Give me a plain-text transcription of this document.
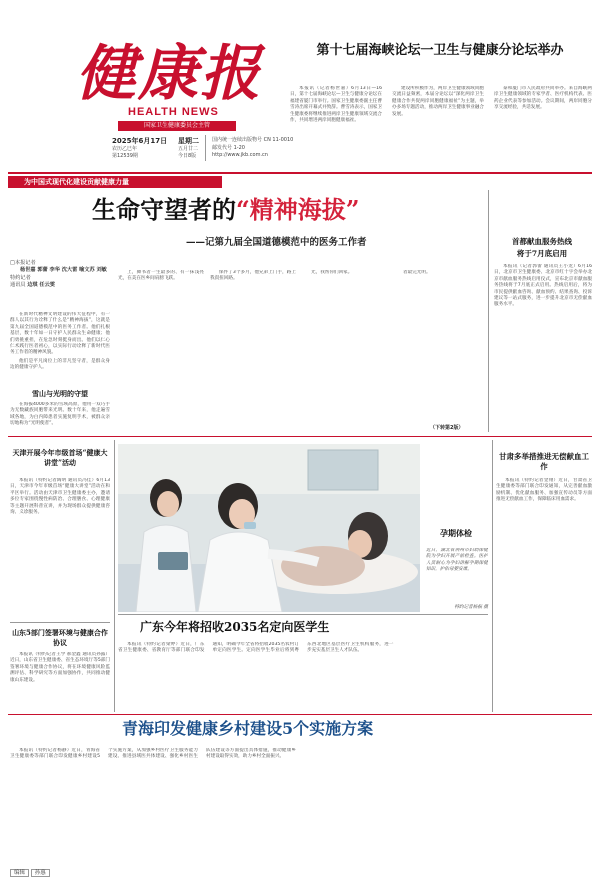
健康报
HEALTH NEWS
国家卫生健康委员会主管
2025年6月17日 星期二
农历乙巳年	五月廿二
第12539期	今日8版
国内统一连续出版物号 CN 11-0010
邮发代号 1-20
http://www.jkb.com.cn
第十七届海峡论坛一卫生与健康分论坛举办

本报讯（记者杨世嘉）6月13日—16日，第十七届海峡论坛—卫生与健康分论坛在福建省厦门市举行。国家卫生健康委副主任曹雪涛出席开幕式并致辞。曹雪涛表示，国家卫生健康委将继续推进两岸卫生健康领域交流合作，共同增进两岸同胞健康福祉。

建设所积极作为，两岸卫生健康领域同胞交流日益频密，本届分论坛以“深化两岸卫生健康合作共促两岸同胞健康福祉”为主题，举办多场专题活动，推动两岸卫生健康事业融合发展。

泰和厦门市人民政府共同举办。来自海峡两岸卫生健康领域的专家学者、医疗机构代表、医药企业代表等参加活动。会议期间，两岸同胞分享交流经验，共话发展。

为中国式现代化建设贡献健康力量
生命守望者的“精神海拔”
——记第九届全国道德模范中的医务工作者
□本报记者
杨世嘉 郭蕾 李华 沈大雷 喻文苏 刘敏
特约记者
通讯员 边琪 任云雯

在新时代精神文明建设的伟大征程中，有一群人以其行为诠释了什么是“精神海拔”，这就是第九届全国道德模范中的医务工作者。他们扎根基层，数十年如一日守护人民群众生命健康；他们勇挑重担，在危急时刻挺身而出。他们以仁心仁术践行医者初心，以实际行动诠释了新时代医务工作者的精神风貌。

他们是平凡岗位上的非凡坚守者，是群众身边的健康守护人。

雪山与光明的守望

在海拔4000多米的雪域高原，他用一双巧手为无数藏族同胞带来光明。数十年来，他走遍雪域各地，为白内障患者实施复明手术，被群众亲切地称为“光明使者”。

上，舞书者一生最多的、有一抹浅亮光，在美在医乡间肩膀飞跃。

保件了3个多月，他兄弟上门手，路上我叔扭回路。

光，我帮你们回家。	者最完光明。

（下转第2版）
首都献血服务热线
将于7月底启用

本报讯（记者郭蕾 通讯员王小龙）6月16日，北京市卫生健康委、北京市红十字会举办北京市献血服务热线启用仪式，宣布北京市献血服务热线将于7月底正式启用。热线启用后，将为市民提供献血咨询、献血预约、结果查询、投诉建议等一站式服务，进一步提升北京市无偿献血服务水平。

天津开展今年市级首场“健康大讲堂”活动

本报讯（特约记者陶明 通讯员冯佳）6月13日，天津市今年市级首场“健康大讲堂”活动在和平区举行。活动由天津市卫生健康委主办，邀请多位专家围绕慢性病防治、合理膳食、心理健康等主题开展科普宣讲，并为现场群众提供健康咨询、义诊服务。

山东5部门签署环境与健康合作协议

本报讯（特约记者王学 郝金鑫 通讯员孙露）近日，山东省卫生健康委、省生态环境厅等5部门签署环境与健康合作协议，将在环境健康风险监测评估、科学研究等方面加强协作，共同推动健康山东建设。

孕期体检

近日，湖北省荆州市妇幼保健院为孕妇开展产前检查。医护人员耐心为孕妇讲解孕期保健知识，护佑母婴安康。

特约记者杨振 摄
广东今年将招收2035名定向医学生

本报讯（特约记者梁婷）近日，广东省卫生健康委、省教育厅等部门联合印发通知，明确今年全省将招收2035名农村订单定向医学生。定向医学生毕业后将到粤东西北地区基层医疗卫生机构服务，进一步充实基层卫生人才队伍。

甘肃多举措推进无偿献血工作

本报讯（特约记者金翔）近日，甘肃省卫生健康委等部门联合印发通知，从完善献血激励机制、优化献血服务、加强宣传动员等方面推进无偿献血工作，保障临床用血需求。

青海印发健康乡村建设5个实施方案

本报讯（特约记者杨静）近日，青海省卫生健康委等部门联合印发健康乡村建设5个实施方案，从加强乡村医疗卫生服务能力建设、推进县域医共体建设、强化乡村医生队伍建设等方面提出具体措施，推动健康乡村建设取得实效，助力乡村全面振兴。

编辑 孙惠
